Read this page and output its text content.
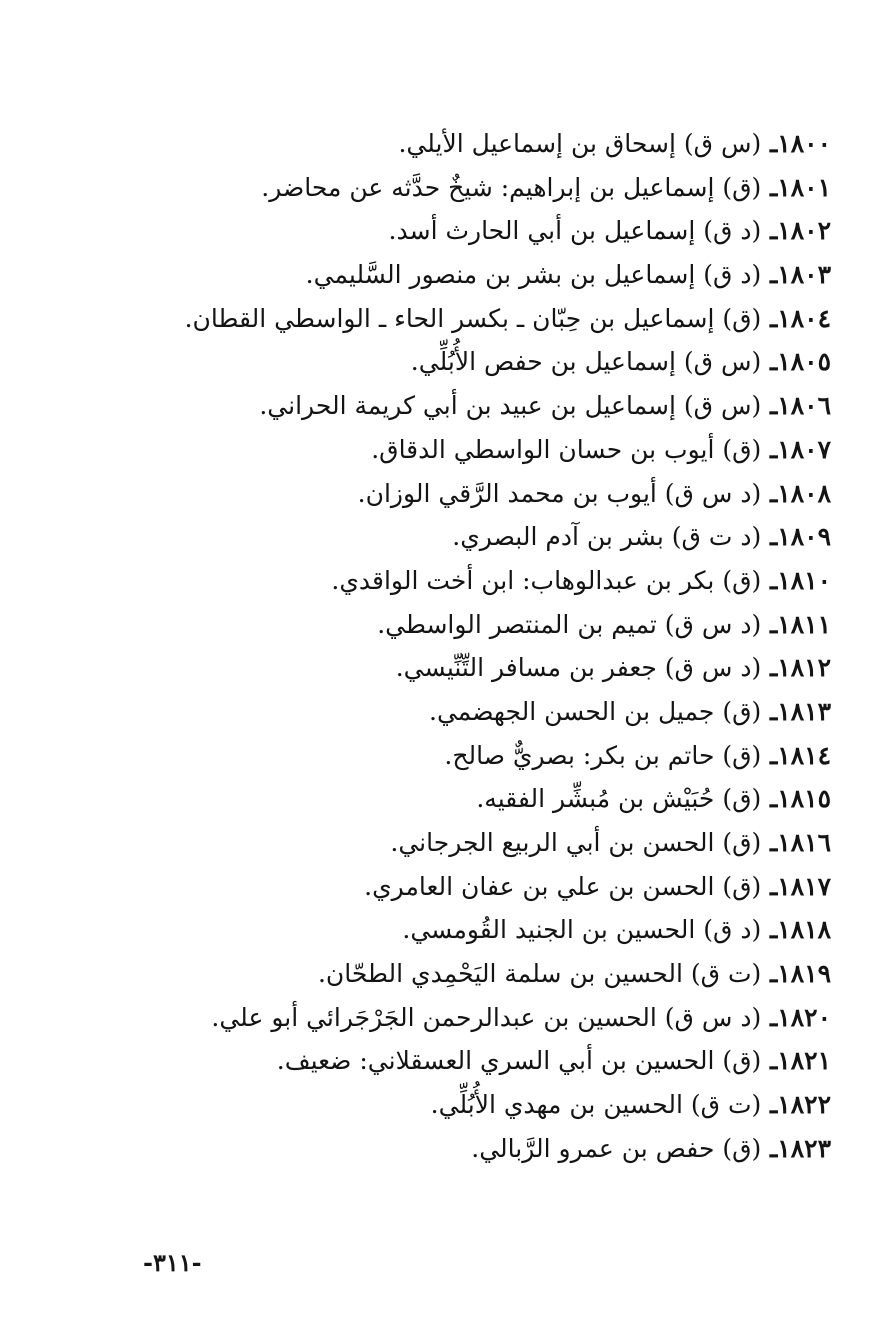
١٨٠٠ـ (س ق) إسحاق بن إسماعيل الأيلي.
١٨٠١ـ (ق) إسماعيل بن إبراهيم: شيخٌ حدَّثه عن محاضر.
١٨٠٢ـ (د ق) إسماعيل بن أبي الحارث أسد.
١٨٠٣ـ (د ق) إسماعيل بن بشر بن منصور السَّليمي.
١٨٠٤ـ (ق) إسماعيل بن حِبّان ـ بكسر الحاء ـ الواسطي القطان.
١٨٠٥ـ (س ق) إسماعيل بن حفص الأُبُلِّي.
١٨٠٦ـ (س ق) إسماعيل بن عبيد بن أبي كريمة الحراني.
١٨٠٧ـ (ق) أيوب بن حسان الواسطي الدقاق.
١٨٠٨ـ (د س ق) أيوب بن محمد الرَّقي الوزان.
١٨٠٩ـ (د ت ق) بشر بن آدم البصري.
١٨١٠ـ (ق) بكر بن عبدالوهاب: ابن أخت الواقدي.
١٨١١ـ (د س ق) تميم بن المنتصر الواسطي.
١٨١٢ـ (د س ق) جعفر بن مسافر التِّنِّيسي.
١٨١٣ـ (ق) جميل بن الحسن الجهضمي.
١٨١٤ـ (ق) حاتم بن بكر: بصريٌّ صالح.
١٨١٥ـ (ق) حُبَيْش بن مُبشِّر الفقيه.
١٨١٦ـ (ق) الحسن بن أبي الربيع الجرجاني.
١٨١٧ـ (ق) الحسن بن علي بن عفان العامري.
١٨١٨ـ (د ق) الحسين بن الجنيد القُومسي.
١٨١٩ـ (ت ق) الحسين بن سلمة اليَحْمِدي الطحّان.
١٨٢٠ـ (د س ق) الحسين بن عبدالرحمن الجَرْجَرائي أبو علي.
١٨٢١ـ (ق) الحسين بن أبي السري العسقلاني: ضعيف.
١٨٢٢ـ (ت ق) الحسين بن مهدي الأُبُلِّي.
١٨٢٣ـ (ق) حفص بن عمرو الرَّبالي.
-٣١١-
